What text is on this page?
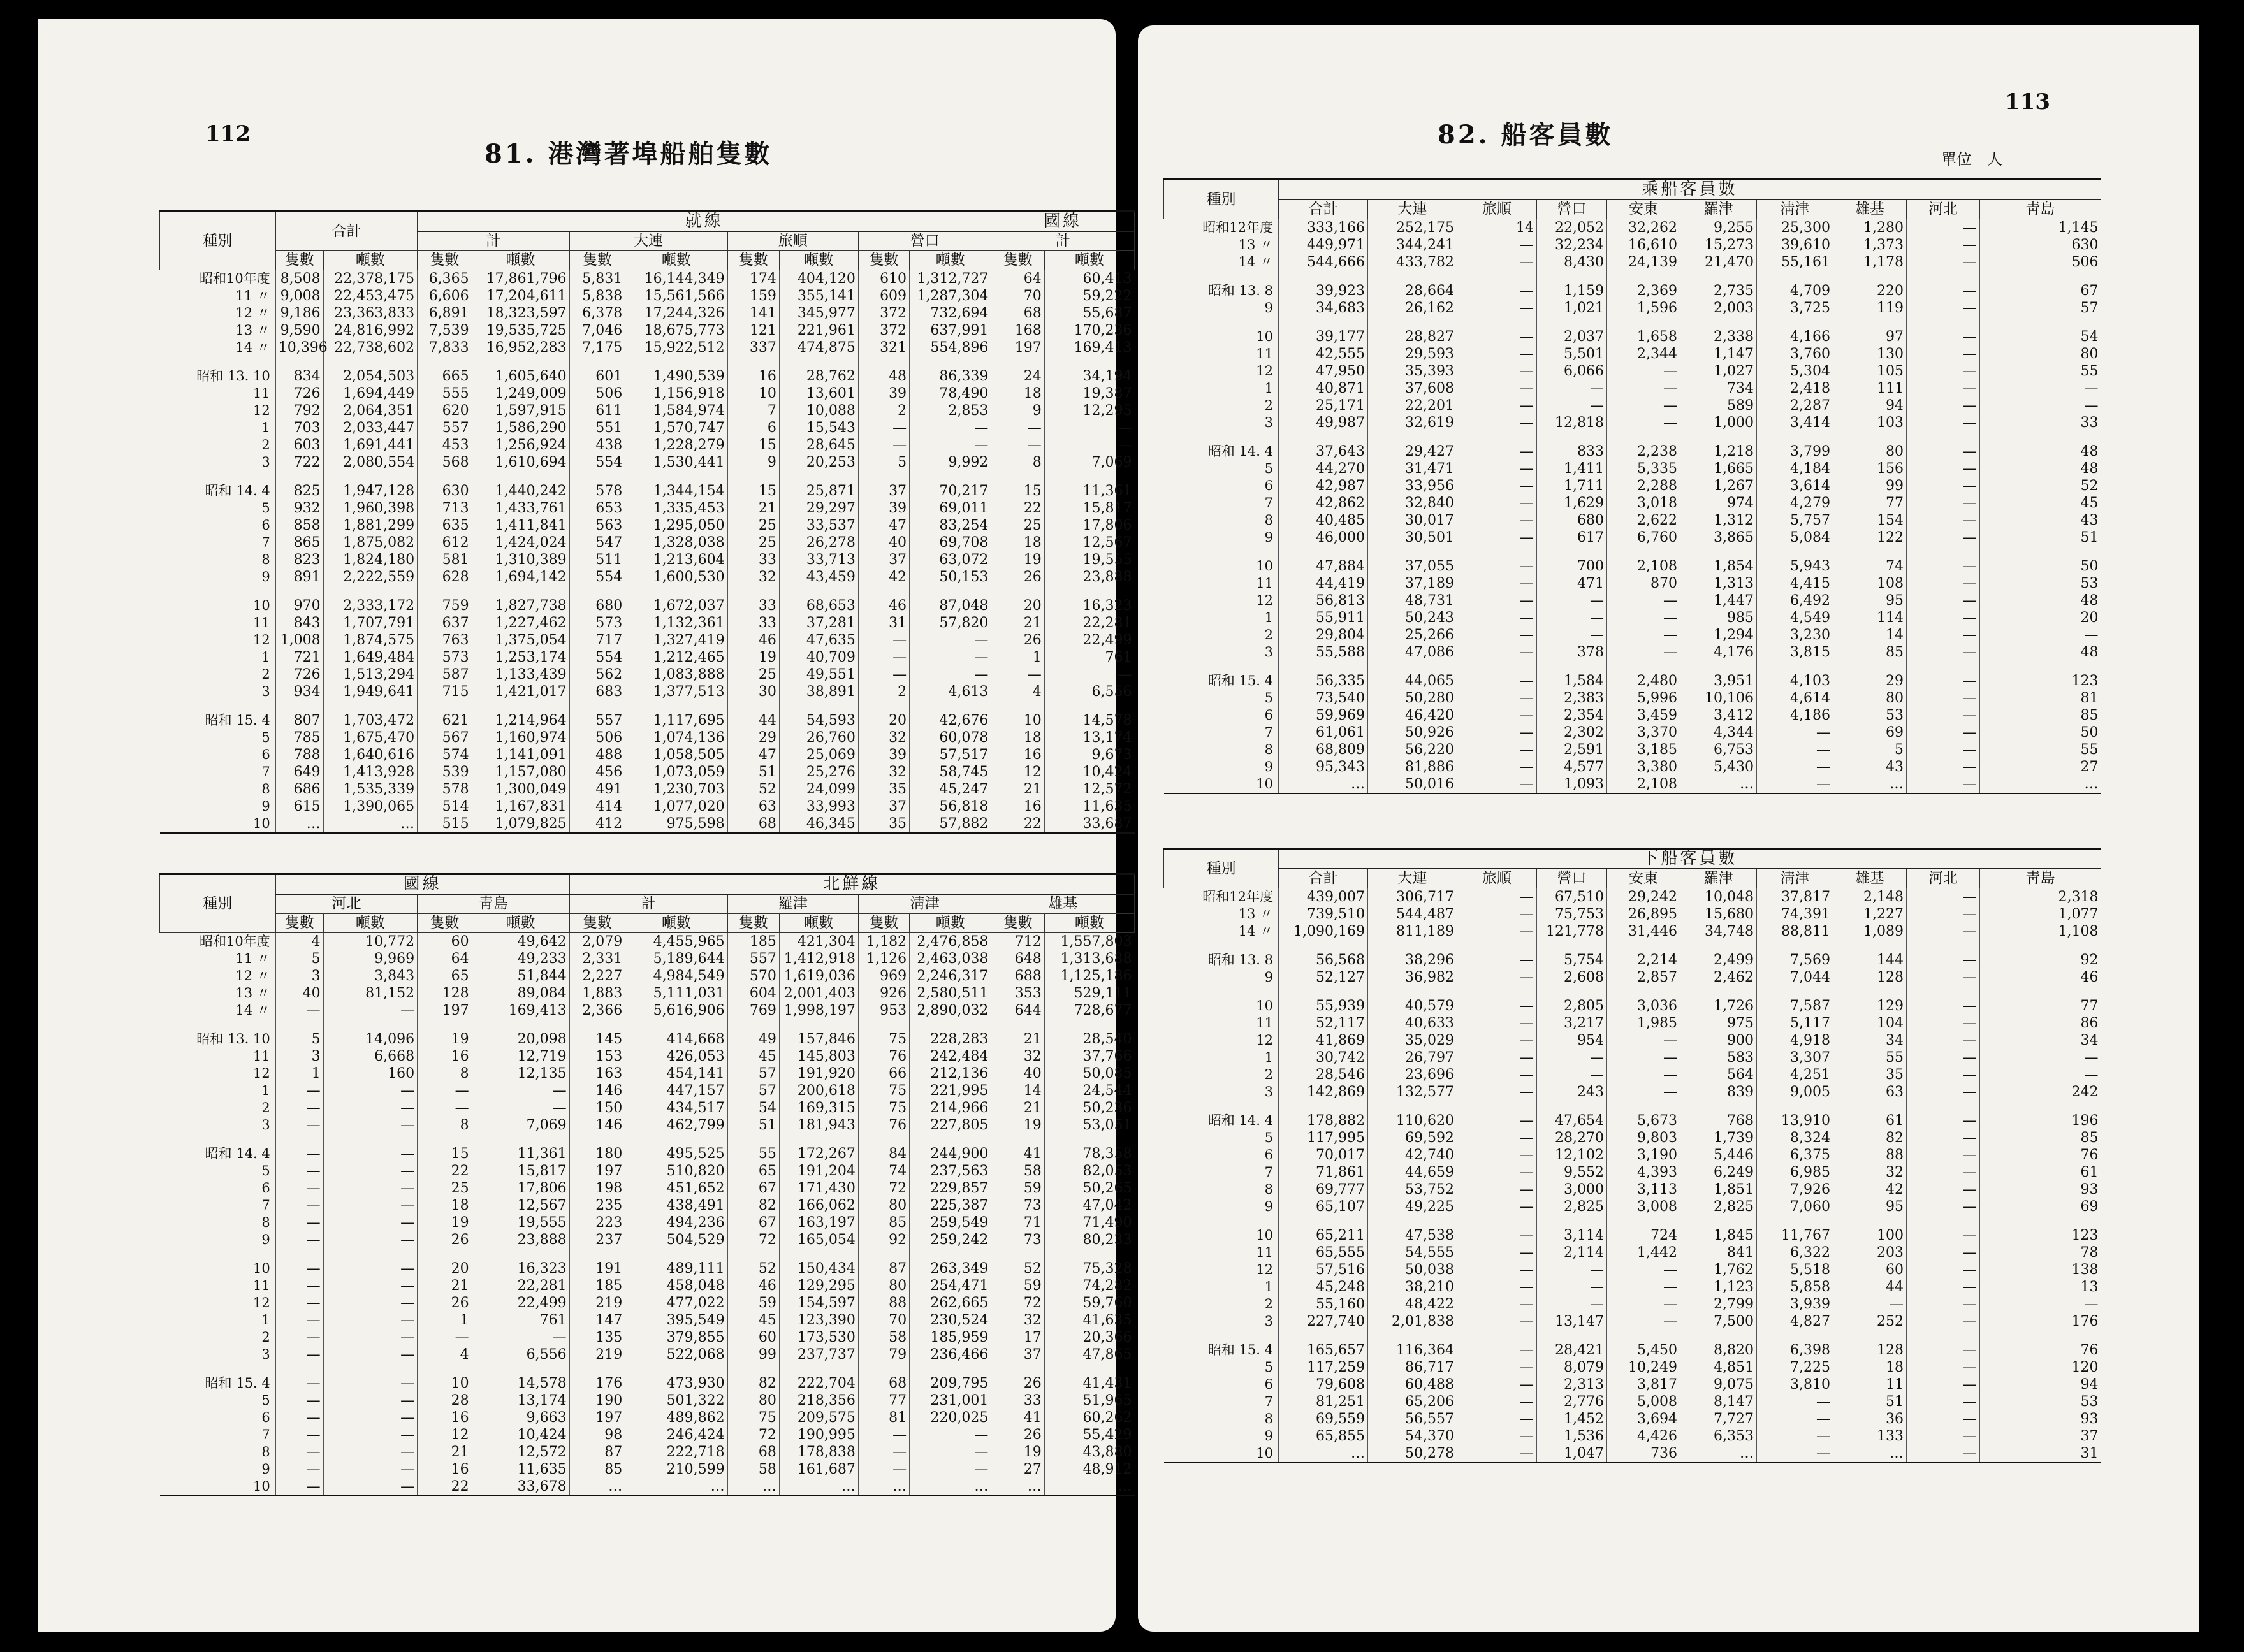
112
81. 港灣著埠船舶隻數
種別	合計		就線								國線	
			計		大連		旅順		營口		計	
	隻數	噸數	隻數	噸數	隻數	噸數	隻數	噸數	隻數	噸數	隻數	噸數
昭和10年度	8,508	22,378,175	6,365	17,861,796	5,831	16,144,349	174	404,120	610	1,312,727	64	60,413
11 〃	9,008	22,453,475	6,606	17,204,611	5,838	15,561,566	159	355,141	609	1,287,304	70	59,222
12 〃	9,186	23,363,833	6,891	18,323,597	6,378	17,244,326	141	345,977	372	732,694	68	55,687
13 〃	9,590	24,816,992	7,539	19,535,725	7,046	18,675,773	121	221,961	372	637,991	168	170,236
14 〃	10,396	22,738,602	7,833	16,952,283	7,175	15,922,512	337	474,875	321	554,896	197	169,413
昭和 13. 10	834	2,054,503	665	1,605,640	601	1,490,539	16	28,762	48	86,339	24	34,194
11	726	1,694,449	555	1,249,009	506	1,156,918	10	13,601	39	78,490	18	19,387
12	792	2,064,351	620	1,597,915	611	1,584,974	7	10,088	2	2,853	9	12,295
1	703	2,033,447	557	1,586,290	551	1,570,747	6	15,543	—	—	—	—
2	603	1,691,441	453	1,256,924	438	1,228,279	15	28,645	—	—	—	—
3	722	2,080,554	568	1,610,694	554	1,530,441	9	20,253	5	9,992	8	7,069
昭和 14. 4	825	1,947,128	630	1,440,242	578	1,344,154	15	25,871	37	70,217	15	11,361
5	932	1,960,398	713	1,433,761	653	1,335,453	21	29,297	39	69,011	22	15,817
6	858	1,881,299	635	1,411,841	563	1,295,050	25	33,537	47	83,254	25	17,806
7	865	1,875,082	612	1,424,024	547	1,328,038	25	26,278	40	69,708	18	12,567
8	823	1,824,180	581	1,310,389	511	1,213,604	33	33,713	37	63,072	19	19,555
9	891	2,222,559	628	1,694,142	554	1,600,530	32	43,459	42	50,153	26	23,888
10	970	2,333,172	759	1,827,738	680	1,672,037	33	68,653	46	87,048	20	16,323
11	843	1,707,791	637	1,227,462	573	1,132,361	33	37,281	31	57,820	21	22,281
12	1,008	1,874,575	763	1,375,054	717	1,327,419	46	47,635	—	—	26	22,499
1	721	1,649,484	573	1,253,174	554	1,212,465	19	40,709	—	—	1	761
2	726	1,513,294	587	1,133,439	562	1,083,888	25	49,551	—	—	—	—
3	934	1,949,641	715	1,421,017	683	1,377,513	30	38,891	2	4,613	4	6,556
昭和 15. 4	807	1,703,472	621	1,214,964	557	1,117,695	44	54,593	20	42,676	10	14,578
5	785	1,675,470	567	1,160,974	506	1,074,136	29	26,760	32	60,078	18	13,174
6	788	1,640,616	574	1,141,091	488	1,058,505	47	25,069	39	57,517	16	9,673
7	649	1,413,928	539	1,157,080	456	1,073,059	51	25,276	32	58,745	12	10,424
8	686	1,535,339	578	1,300,049	491	1,230,703	52	24,099	35	45,247	21	12,572
9	615	1,390,065	514	1,167,831	414	1,077,020	63	33,993	37	56,818	16	11,635
10	…	…	515	1,079,825	412	975,598	68	46,345	35	57,882	22	33,687
種別	國線				北鮮線							
	河北		靑島		計		羅津		淸津		雄基	
	隻數	噸數	隻數	噸數	隻數	噸數	隻數	噸數	隻數	噸數	隻數	噸數
昭和10年度	4	10,772	60	49,642	2,079	4,455,965	185	421,304	1,182	2,476,858	712	1,557,803
11 〃	5	9,969	64	49,233	2,331	5,189,644	557	1,412,918	1,126	2,463,038	648	1,313,688
12 〃	3	3,843	65	51,844	2,227	4,984,549	570	1,619,036	969	2,246,317	688	1,125,186
13 〃	40	81,152	128	89,084	1,883	5,111,031	604	2,001,403	926	2,580,511	353	529,111
14 〃	—	—	197	169,413	2,366	5,616,906	769	1,998,197	953	2,890,032	644	728,677
昭和 13. 10	5	14,096	19	20,098	145	414,668	49	157,846	75	228,283	21	28,540
11	3	6,668	16	12,719	153	426,053	45	145,803	76	242,484	32	37,766
12	1	160	8	12,135	163	454,141	57	191,920	66	212,136	40	50,085
1	—	—	—	—	146	447,157	57	200,618	75	221,995	14	24,544
2	—	—	—	—	150	434,517	54	169,315	75	214,966	21	50,236
3	—	—	8	7,069	146	462,799	51	181,943	76	227,805	19	53,051
昭和 14. 4	—	—	15	11,361	180	495,525	55	172,267	84	244,900	41	78,358
5	—	—	22	15,817	197	510,820	65	191,204	74	237,563	58	82,053
6	—	—	25	17,806	198	451,652	67	171,430	72	229,857	59	50,265
7	—	—	18	12,567	235	438,491	82	166,062	80	225,387	73	47,042
8	—	—	19	19,555	223	494,236	67	163,197	85	259,549	71	71,490
9	—	—	26	23,888	237	504,529	72	165,054	92	259,242	73	80,233
10	—	—	20	16,323	191	489,111	52	150,434	87	263,349	52	75,328
11	—	—	21	22,281	185	458,048	46	129,295	80	254,471	59	74,282
12	—	—	26	22,499	219	477,022	59	154,597	88	262,665	72	59,760
1	—	—	1	761	147	395,549	45	123,390	70	230,524	32	41,635
2	—	—	—	—	135	379,855	60	173,530	58	185,959	17	20,366
3	—	—	4	6,556	219	522,068	99	237,737	79	236,466	37	47,865
昭和 15. 4	—	—	10	14,578	176	473,930	82	222,704	68	209,795	26	41,431
5	—	—	28	13,174	190	501,322	80	218,356	77	231,001	33	51,965
6	—	—	16	9,663	197	489,862	75	209,575	81	220,025	41	60,262
7	—	—	12	10,424	98	246,424	72	190,995	—	—	26	55,429
8	—	—	21	12,572	87	222,718	68	178,838	—	—	19	43,880
9	—	—	16	11,635	85	210,599	58	161,687	—	—	27	48,912
10	—	—	22	33,678	…	…	…	…	…	…	…	…
113
82. 船客員數
單位　人
種別	乘船客員數									
	合計	大連	旅順	營口	安東	羅津	淸津	雄基	河北	靑島
昭和12年度	333,166	252,175	14	22,052	32,262	9,255	25,300	1,280	—	1,145
13 〃	449,971	344,241	—	32,234	16,610	15,273	39,610	1,373	—	630
14 〃	544,666	433,782	—	8,430	24,139	21,470	55,161	1,178	—	506
昭和 13. 8	39,923	28,664	—	1,159	2,369	2,735	4,709	220	—	67
9	34,683	26,162	—	1,021	1,596	2,003	3,725	119	—	57
10	39,177	28,827	—	2,037	1,658	2,338	4,166	97	—	54
11	42,555	29,593	—	5,501	2,344	1,147	3,760	130	—	80
12	47,950	35,393	—	6,066	—	1,027	5,304	105	—	55
1	40,871	37,608	—	—	—	734	2,418	111	—	—
2	25,171	22,201	—	—	—	589	2,287	94	—	—
3	49,987	32,619	—	12,818	—	1,000	3,414	103	—	33
昭和 14. 4	37,643	29,427	—	833	2,238	1,218	3,799	80	—	48
5	44,270	31,471	—	1,411	5,335	1,665	4,184	156	—	48
6	42,987	33,956	—	1,711	2,288	1,267	3,614	99	—	52
7	42,862	32,840	—	1,629	3,018	974	4,279	77	—	45
8	40,485	30,017	—	680	2,622	1,312	5,757	154	—	43
9	46,000	30,501	—	617	6,760	3,865	5,084	122	—	51
10	47,884	37,055	—	700	2,108	1,854	5,943	74	—	50
11	44,419	37,189	—	471	870	1,313	4,415	108	—	53
12	56,813	48,731	—	—	—	1,447	6,492	95	—	48
1	55,911	50,243	—	—	—	985	4,549	114	—	20
2	29,804	25,266	—	—	—	1,294	3,230	14	—	—
3	55,588	47,086	—	378	—	4,176	3,815	85	—	48
昭和 15. 4	56,335	44,065	—	1,584	2,480	3,951	4,103	29	—	123
5	73,540	50,280	—	2,383	5,996	10,106	4,614	80	—	81
6	59,969	46,420	—	2,354	3,459	3,412	4,186	53	—	85
7	61,061	50,926	—	2,302	3,370	4,344	—	69	—	50
8	68,809	56,220	—	2,591	3,185	6,753	—	5	—	55
9	95,343	81,886	—	4,577	3,380	5,430	—	43	—	27
10	…	50,016	—	1,093	2,108	…	—	…	—	…
種別	下船客員數									
	合計	大連	旅順	營口	安東	羅津	淸津	雄基	河北	靑島
昭和12年度	439,007	306,717	—	67,510	29,242	10,048	37,817	2,148	—	2,318
13 〃	739,510	544,487	—	75,753	26,895	15,680	74,391	1,227	—	1,077
14 〃	1,090,169	811,189	—	121,778	31,446	34,748	88,811	1,089	—	1,108
昭和 13. 8	56,568	38,296	—	5,754	2,214	2,499	7,569	144	—	92
9	52,127	36,982	—	2,608	2,857	2,462	7,044	128	—	46
10	55,939	40,579	—	2,805	3,036	1,726	7,587	129	—	77
11	52,117	40,633	—	3,217	1,985	975	5,117	104	—	86
12	41,869	35,029	—	954	—	900	4,918	34	—	34
1	30,742	26,797	—	—	—	583	3,307	55	—	—
2	28,546	23,696	—	—	—	564	4,251	35	—	—
3	142,869	132,577	—	243	—	839	9,005	63	—	242
昭和 14. 4	178,882	110,620	—	47,654	5,673	768	13,910	61	—	196
5	117,995	69,592	—	28,270	9,803	1,739	8,324	82	—	85
6	70,017	42,740	—	12,102	3,190	5,446	6,375	88	—	76
7	71,861	44,659	—	9,552	4,393	6,249	6,985	32	—	61
8	69,777	53,752	—	3,000	3,113	1,851	7,926	42	—	93
9	65,107	49,225	—	2,825	3,008	2,825	7,060	95	—	69
10	65,211	47,538	—	3,114	724	1,845	11,767	100	—	123
11	65,555	54,555	—	2,114	1,442	841	6,322	203	—	78
12	57,516	50,038	—	—	—	1,762	5,518	60	—	138
1	45,248	38,210	—	—	—	1,123	5,858	44	—	13
2	55,160	48,422	—	—	—	2,799	3,939	—	—	—
3	227,740	2,01,838	—	13,147	—	7,500	4,827	252	—	176
昭和 15. 4	165,657	116,364	—	28,421	5,450	8,820	6,398	128	—	76
5	117,259	86,717	—	8,079	10,249	4,851	7,225	18	—	120
6	79,608	60,488	—	2,313	3,817	9,075	3,810	11	—	94
7	81,251	65,206	—	2,776	5,008	8,147	—	51	—	53
8	69,559	56,557	—	1,452	3,694	7,727	—	36	—	93
9	65,855	54,370	—	1,536	4,426	6,353	—	133	—	37
10	…	50,278	—	1,047	736	…	—	…	—	31
